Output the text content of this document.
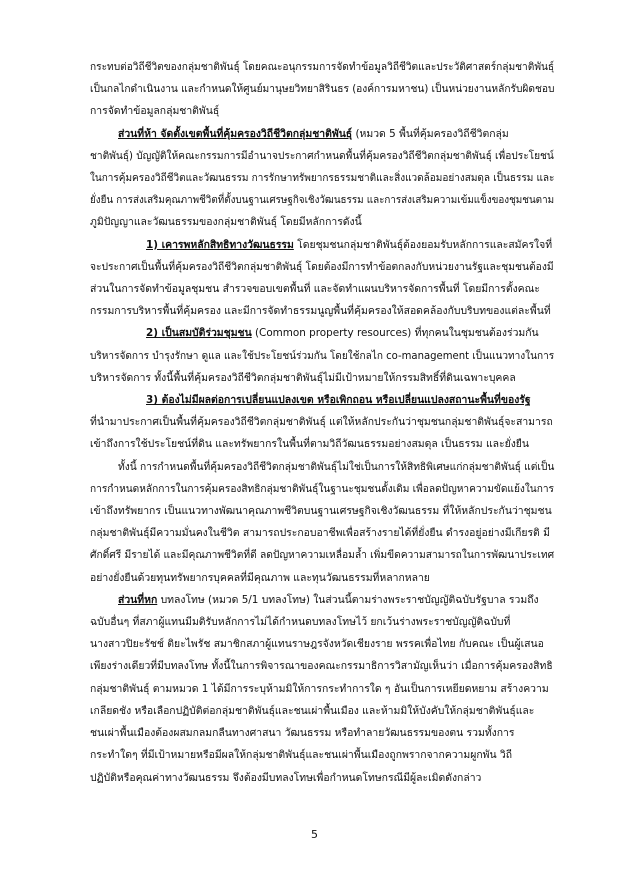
กระทบต่อวิถีชีวิตของกลุ่มชาติพันธุ์ โดยคณะอนุกรรมการจัดทำข้อมูลวิถีชีวิตและประวัติศาสตร์กลุ่มชาติพันธุ์
เป็นกลไกดำเนินงาน และกำหนดให้ศูนย์มานุษยวิทยาสิรินธร (องค์การมหาชน) เป็นหน่วยงานหลักรับผิดชอบ
การจัดทำข้อมูลกลุ่มชาติพันธุ์
ส่วนที่ห้า จัดตั้งเขตพื้นที่คุ้มครองวิถีชีวิตกลุ่มชาติพันธุ์ (หมวด 5 พื้นที่คุ้มครองวิถีชีวิตกลุ่ม
ชาติพันธุ์) บัญญัติให้คณะกรรมการมีอำนาจประกาศกำหนดพื้นที่คุ้มครองวิถีชีวิตกลุ่มชาติพันธุ์ เพื่อประโยชน์
ในการคุ้มครองวิถีชีวิตและวัฒนธรรม การรักษาทรัพยากรธรรมชาติและสิ่งแวดล้อมอย่างสมดุล เป็นธรรม และ
ยั่งยืน การส่งเสริมคุณภาพชีวิตที่ตั้งบนฐานเศรษฐกิจเชิงวัฒนธรรม และการส่งเสริมความเข้มแข็งของชุมชนตาม
ภูมิปัญญาและวัฒนธรรมของกลุ่มชาติพันธุ์ โดยมีหลักการดังนี้
1) เคารพหลักสิทธิทางวัฒนธรรม โดยชุมชนกลุ่มชาติพันธุ์ต้องยอมรับหลักการและสมัครใจที่
จะประกาศเป็นพื้นที่คุ้มครองวิถีชีวิตกลุ่มชาติพันธุ์ โดยต้องมีการทำข้อตกลงกับหน่วยงานรัฐและชุมชนต้องมี
ส่วนในการจัดทำข้อมูลชุมชน สำรวจขอบเขตพื้นที่ และจัดทำแผนบริหารจัดการพื้นที่ โดยมีการตั้งคณะ
กรรมการบริหารพื้นที่คุ้มครอง และมีการจัดทำธรรมนูญพื้นที่คุ้มครองให้สอดคล้องกับบริบทของแต่ละพื้นที่
2) เป็นสมบัติร่วมชุมชน (Common property resources) ที่ทุกคนในชุมชนต้องร่วมกัน
บริหารจัดการ บำรุงรักษา ดูแล และใช้ประโยชน์ร่วมกัน โดยใช้กลไก co-management เป็นแนวทางในการ
บริหารจัดการ ทั้งนี้พื้นที่คุ้มครองวิถีชีวิตกลุ่มชาติพันธุ์ไม่มีเป้าหมายให้กรรมสิทธิ์ที่ดินเฉพาะบุคคล
3) ต้องไม่มีผลต่อการเปลี่ยนแปลงเขต หรือเพิกถอน หรือเปลี่ยนแปลงสถานะพื้นที่ของรัฐ
ที่นำมาประกาศเป็นพื้นที่คุ้มครองวิถีชีวิตกลุ่มชาติพันธุ์ แต่ให้หลักประกันว่าชุมชนกลุ่มชาติพันธุ์จะสามารถ
เข้าถึงการใช้ประโยชน์ที่ดิน และทรัพยากรในพื้นที่ตามวิถีวัฒนธรรมอย่างสมดุล เป็นธรรม และยั่งยืน
ทั้งนี้ การกำหนดพื้นที่คุ้มครองวิถีชีวิตกลุ่มชาติพันธุ์ไม่ใช่เป็นการให้สิทธิพิเศษแก่กลุ่มชาติพันธุ์ แต่เป็น
การกำหนดหลักการในการคุ้มครองสิทธิกลุ่มชาติพันธุ์ในฐานะชุมชนดั้งเดิม เพื่อลดปัญหาความขัดแย้งในการ
เข้าถึงทรัพยากร เป็นแนวทางพัฒนาคุณภาพชีวิตบนฐานเศรษฐกิจเชิงวัฒนธรรม ที่ให้หลักประกันว่าชุมชน
กลุ่มชาติพันธุ์มีความมั่นคงในชีวิต สามารถประกอบอาชีพเพื่อสร้างรายได้ที่ยั่งยืน ดำรงอยู่อย่างมีเกียรติ มี
ศักดิ์ศรี มีรายได้ และมีคุณภาพชีวิตที่ดี ลดปัญหาความเหลื่อมล้ำ เพิ่มขีดความสามารถในการพัฒนาประเทศ
อย่างยั่งยืนด้วยทุนทรัพยากรบุคคลที่มีคุณภาพ และทุนวัฒนธรรมที่หลากหลาย
ส่วนที่หก บทลงโทษ (หมวด 5/1 บทลงโทษ) ในส่วนนี้ตามร่างพระราชบัญญัติฉบับรัฐบาล รวมถึง
ฉบับอื่นๆ ที่สภาผู้แทนมีมติรับหลักการไม่ได้กำหนดบทลงโทษไว้ ยกเว้นร่างพระราชบัญญัติฉบับที่
นางสาวปิยะรัชช์ ติยะไพรัช สมาชิกสภาผู้แทนราษฎรจังหวัดเชียงราย พรรคเพื่อไทย กับคณะ เป็นผู้เสนอ
เพียงร่างเดียวที่มีบทลงโทษ ทั้งนี้ในการพิจารณาของคณะกรรมาธิการวิสามัญเห็นว่า เมื่อการคุ้มครองสิทธิ
กลุ่มชาติพันธุ์ ตามหมวด 1 ได้มีการระบุห้ามมิให้การกระทำการใด ๆ อันเป็นการเหยียดหยาม สร้างความ
เกลียดชัง หรือเลือกปฏิบัติต่อกลุ่มชาติพันธุ์และชนเผ่าพื้นเมือง และห้ามมิให้บังคับให้กลุ่มชาติพันธุ์และ
ชนเผ่าพื้นเมืองต้องผสมกลมกลืนทางศาสนา วัฒนธรรม หรือทำลายวัฒนธรรมของตน รวมทั้งการ
กระทำใดๆ ที่มีเป้าหมายหรือมีผลให้กลุ่มชาติพันธุ์และชนเผ่าพื้นเมืองถูกพรากจากความผูกพัน วิถี
ปฏิบัติหรือคุณค่าทางวัฒนธรรม จึงต้องมีบทลงโทษเพื่อกำหนดโทษกรณีมีผู้ละเมิดดังกล่าว
5
